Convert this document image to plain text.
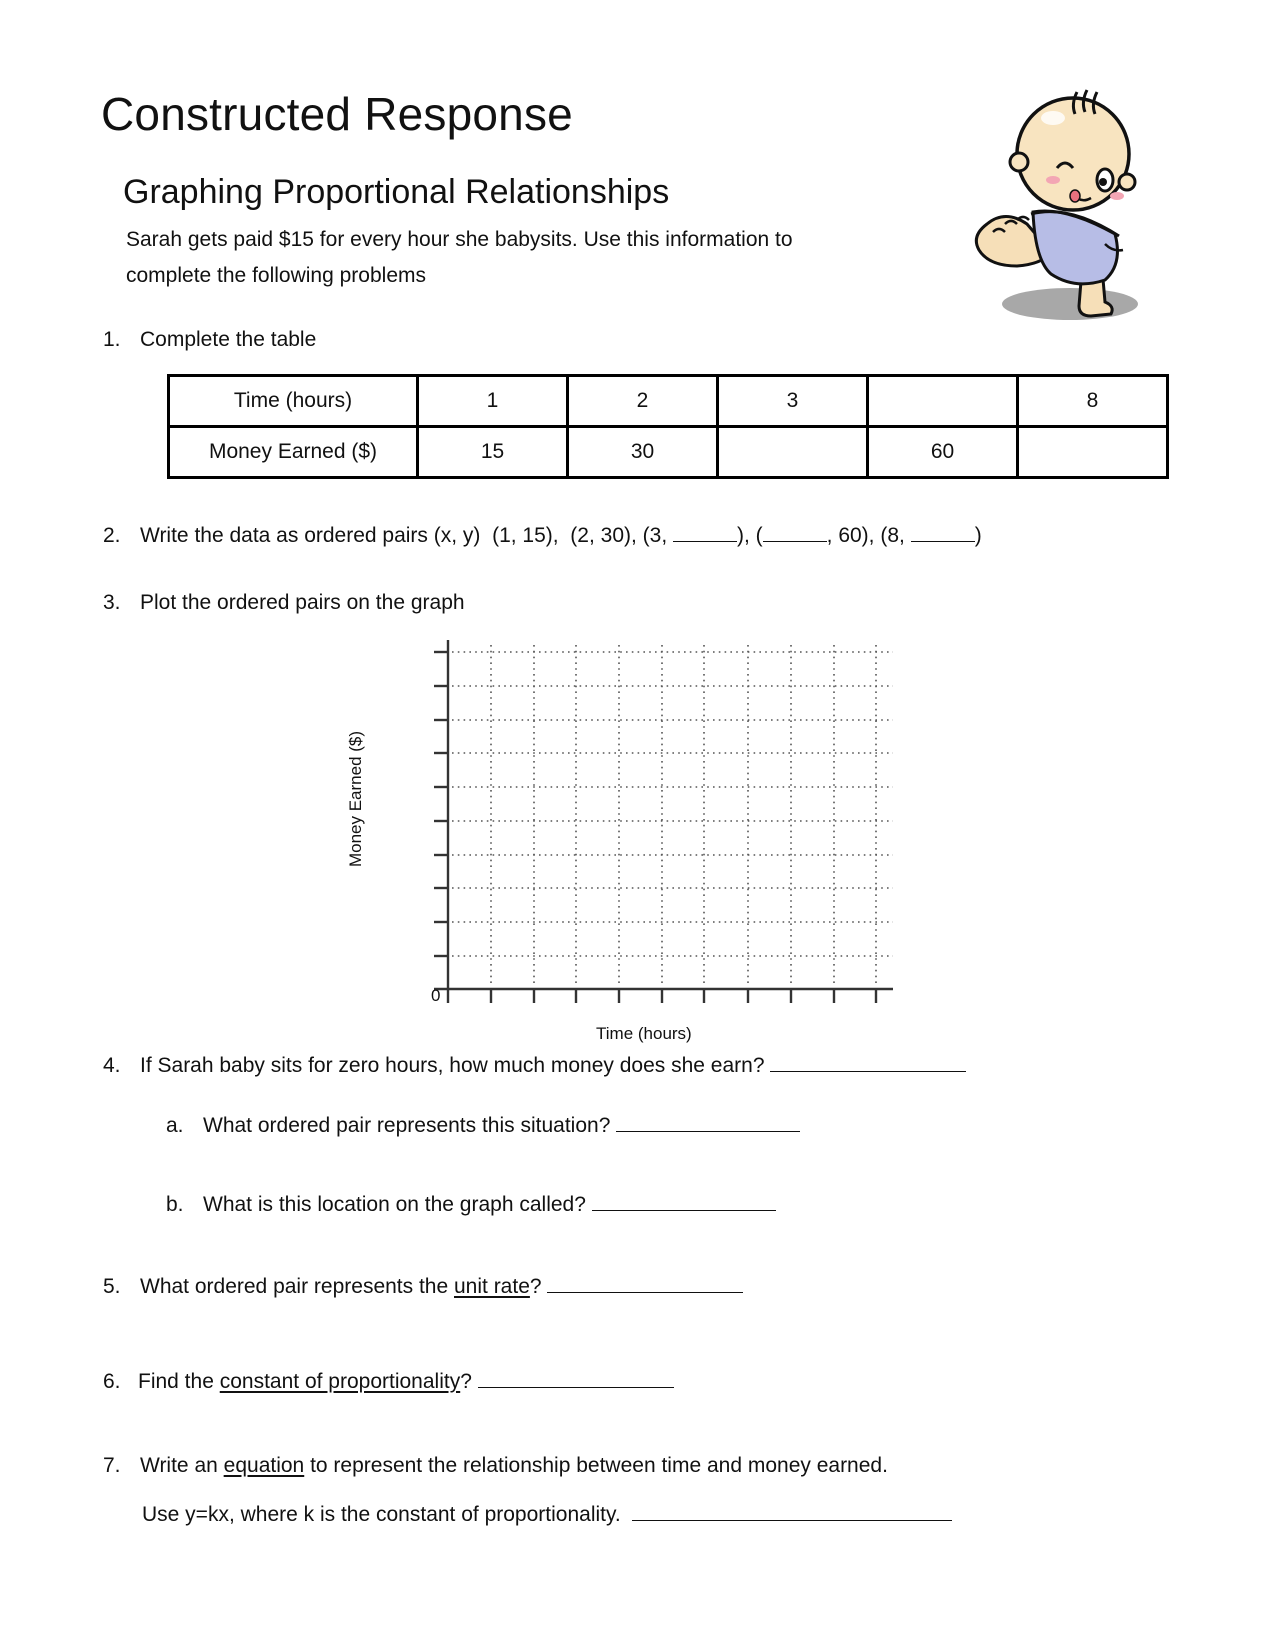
Constructed Response
Graphing Proportional Relationships
Sarah gets paid $15 for every hour she babysits. Use this information to
complete the following problems
1. Complete the table
Time (hours)	1	2	3		8
Money Earned ($)	15	30		60	
2. Write the data as ordered pairs (x, y) (1, 15), (2, 30), (3,	), (	, 60), (8,	)
3. Plot the ordered pairs on the graph
0
Money Earned ($)
Time (hours)
4. If Sarah baby sits for zero hours, how much money does she earn?
a. What ordered pair represents this situation?
b. What is this location on the graph called?
5. What ordered pair represents the unit rate?
6. Find the constant of proportionality?
7. Write an equation to represent the relationship between time and money earned.
Use y=kx, where k is the constant of proportionality.
